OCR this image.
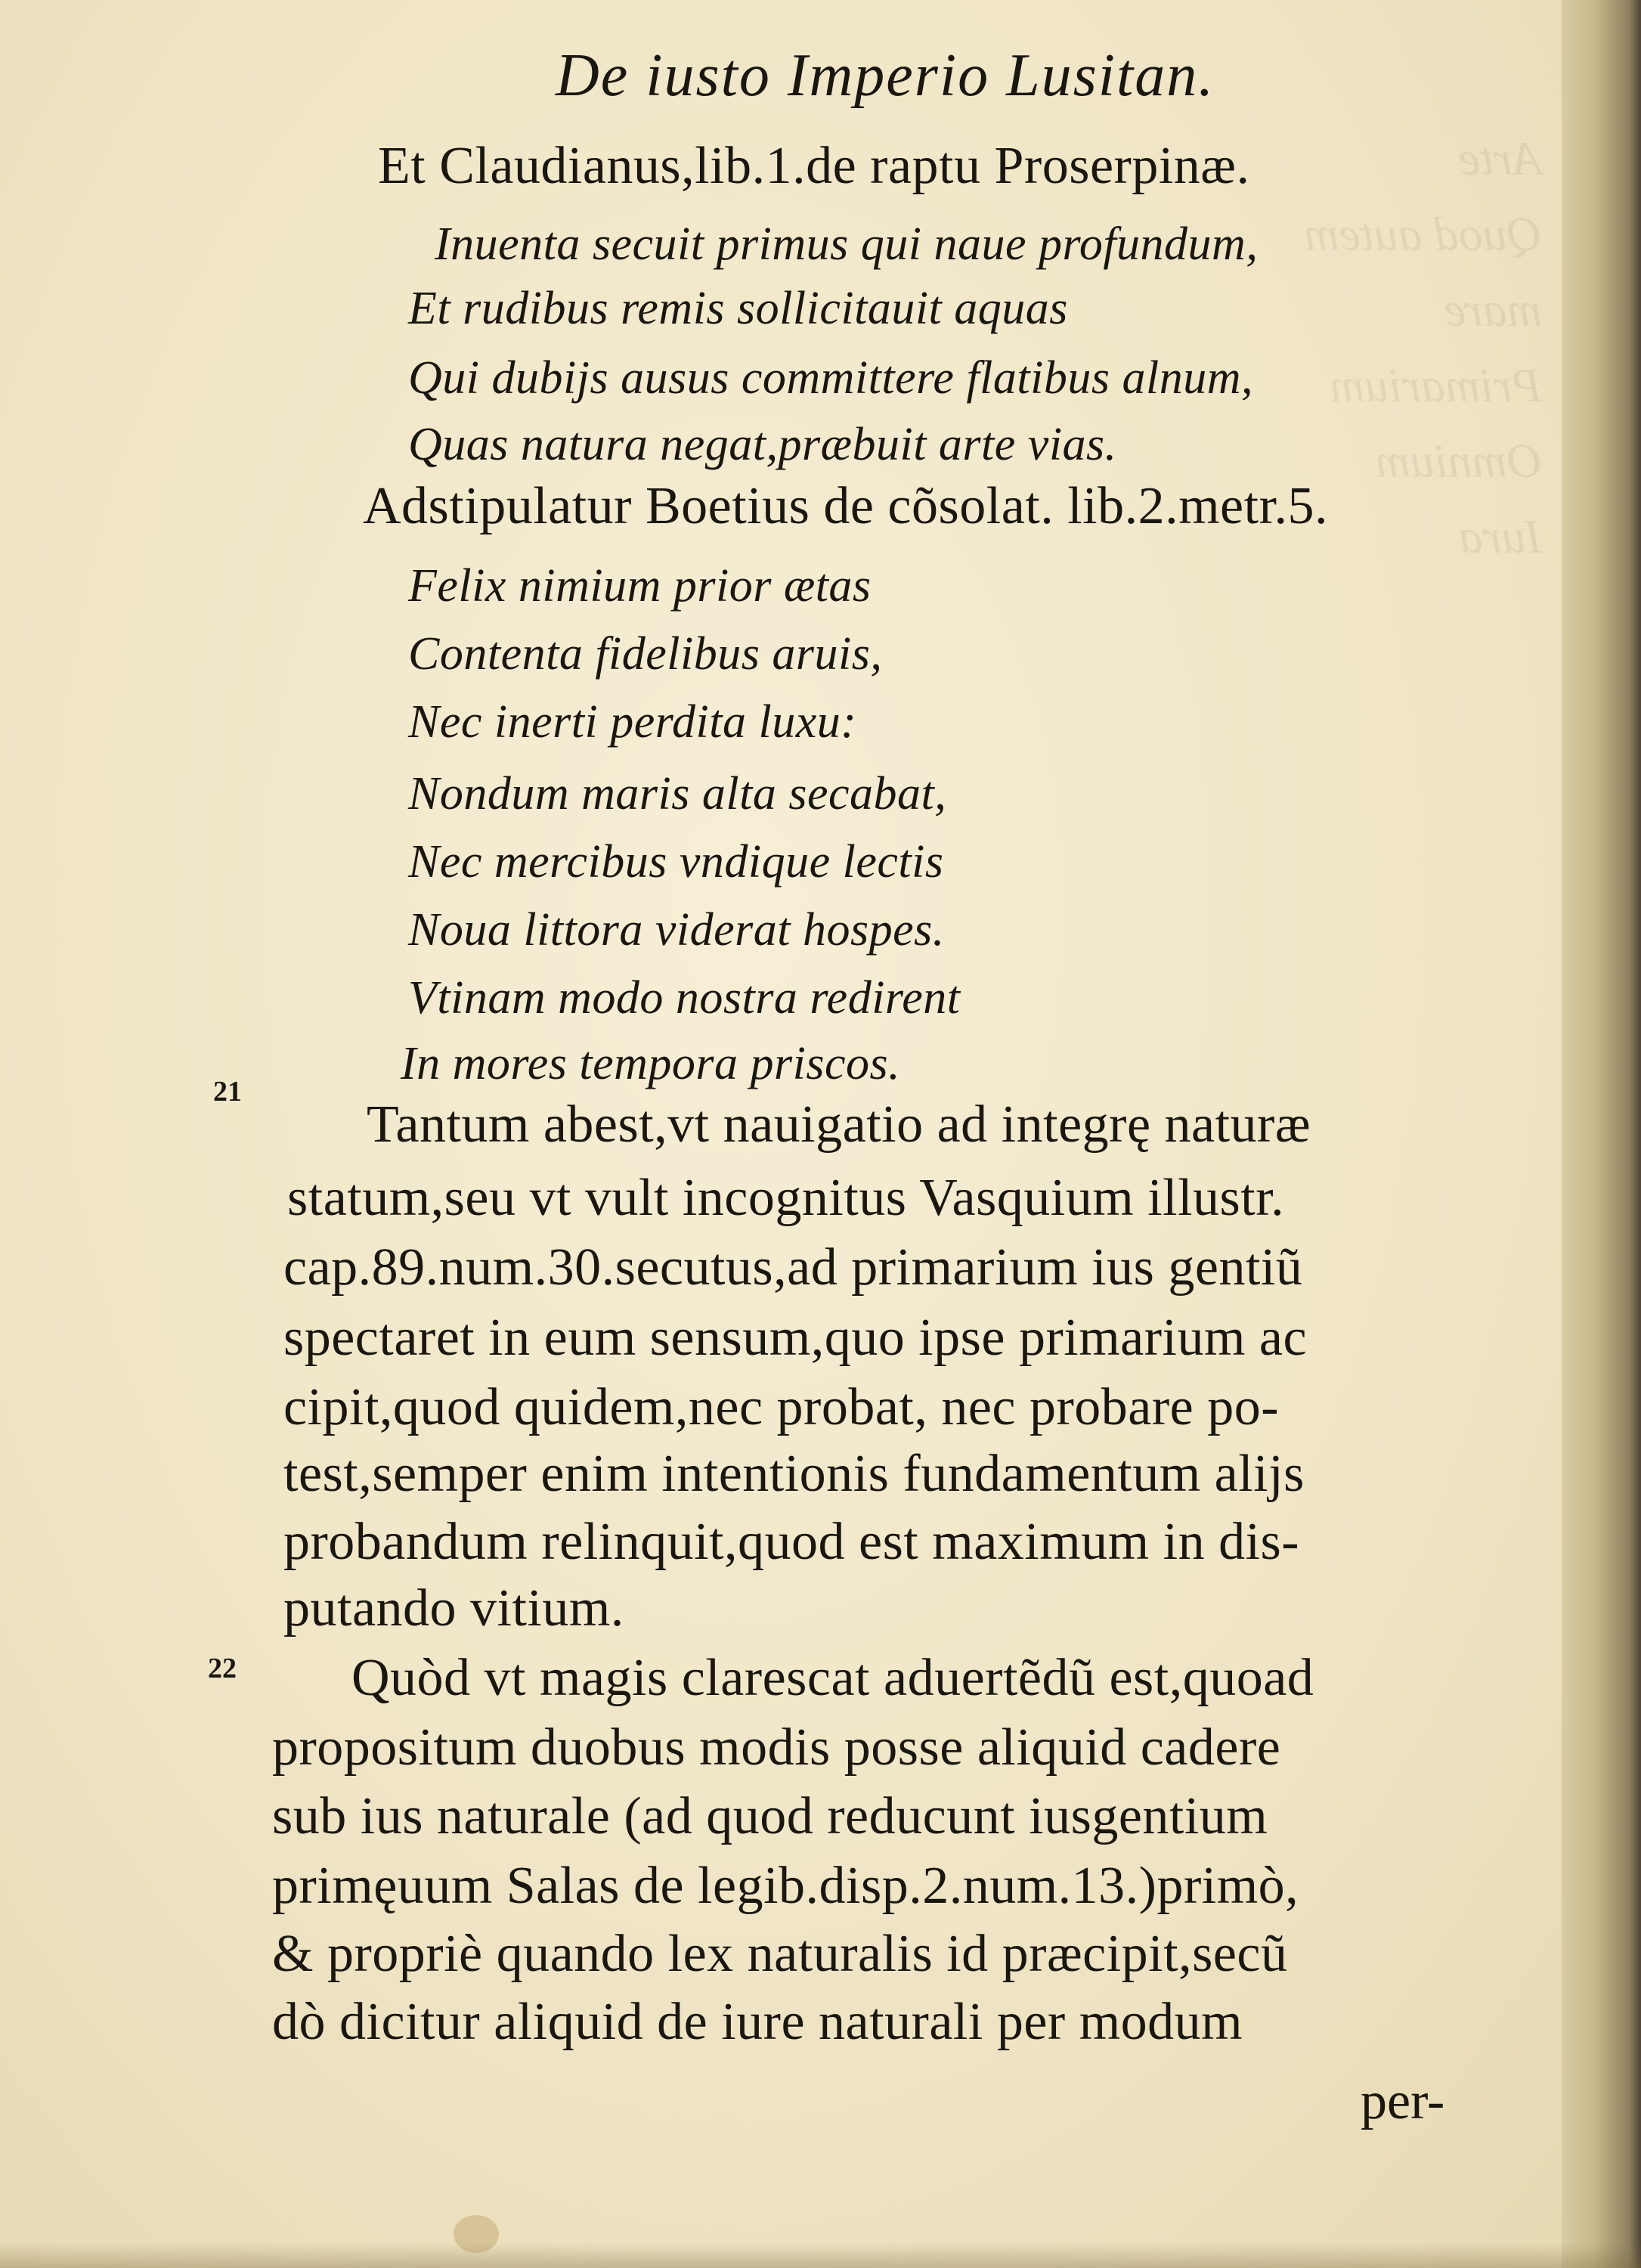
Arte
Quod autem
mare
Primarium
Omnium
Iura
De iusto Imperio Lusitan.
Et Claudianus,lib.1.de raptu Proserpinæ.
Inuenta secuit primus qui naue profundum,
Et rudibus remis sollicitauit aquas
Qui dubijs ausus committere flatibus alnum,
Quas natura negat,præbuit arte vias.
Adstipulatur Boetius de cõsolat. lib.2.metr.5.
Felix nimium prior ætas
Contenta fidelibus aruis,
Nec inerti perdita luxu:
Nondum maris alta secabat,
Nec mercibus vndique lectis
Noua littora viderat hospes.
Vtinam modo nostra redirent
In mores tempora priscos.
21
Tantum abest,vt nauigatio ad integrę naturæ
statum,seu vt vult incognitus Vasquium illustr.
cap.89.num.30.secutus,ad primarium ius gentiũ
spectaret in eum sensum,quo ipse primarium ac
cipit,quod quidem,nec probat, nec probare po-
test,semper enim intentionis fundamentum alijs
probandum relinquit,quod est maximum in dis-
putando vitium.
22 Quòd vt magis clarescat aduertẽdũ est,quoad
propositum duobus modis posse aliquid cadere
sub ius naturale (ad quod reducunt iusgentium
primęuum Salas de legib.disp.2.num.13.)primò,
& propriè quando lex naturalis id præcipit,secũ
dò dicitur aliquid de iure naturali per modum
per-
